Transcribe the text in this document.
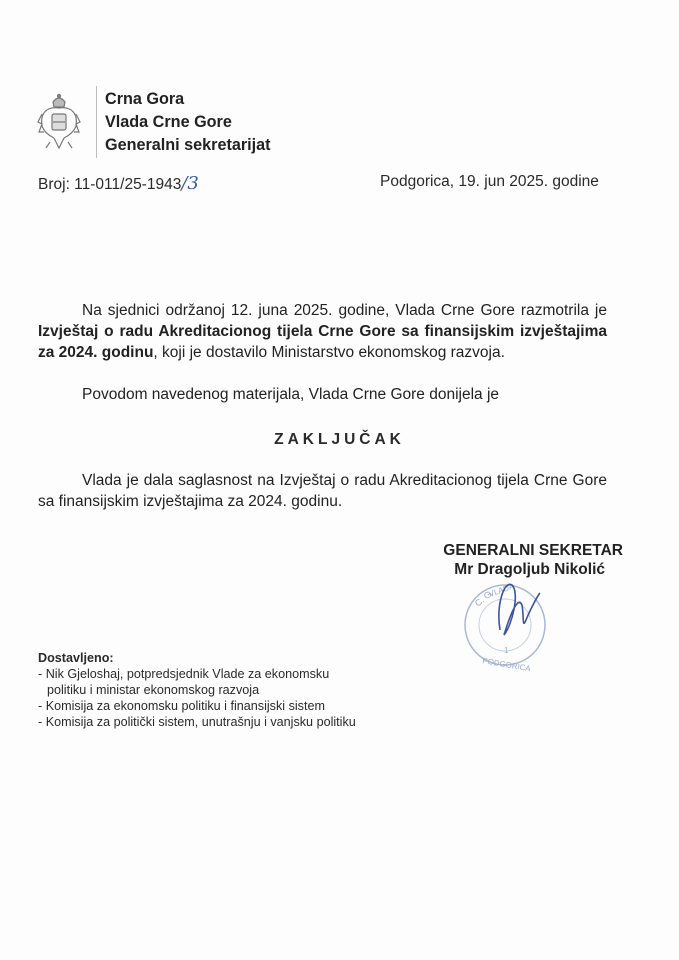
Crna Gora
Vlada Crne Gore
Generalni sekretarijat
Broj: 11-011/25-1943/3	Podgorica, 19. jun 2025. godine
Na sjednici održanoj 12. juna 2025. godine, Vlada Crne Gore razmotrila je Izvještaj o radu Akreditacionog tijela Crne Gore sa finansijskim izvještajima za 2024. godinu, koji je dostavilo Ministarstvo ekonomskog razvoja.
Povodom navedenog materijala, Vlada Crne Gore donijela je
ZAKLJUČAK
Vlada je dala saglasnost na Izvještaj o radu Akreditacionog tijela Crne Gore sa finansijskim izvještajima za 2024. godinu.
GENERALNI SEKRETAR
Mr Dragoljub Nikolić
C. G.
VLADA
1
PODGORICA
Dostavljeno:
- Nik Gjeloshaj, potpredsjednik Vlade za ekonomsku
politiku i ministar ekonomskog razvoja
- Komisija za ekonomsku politiku i finansijski sistem
- Komisija za politički sistem, unutrašnju i vanjsku politiku
